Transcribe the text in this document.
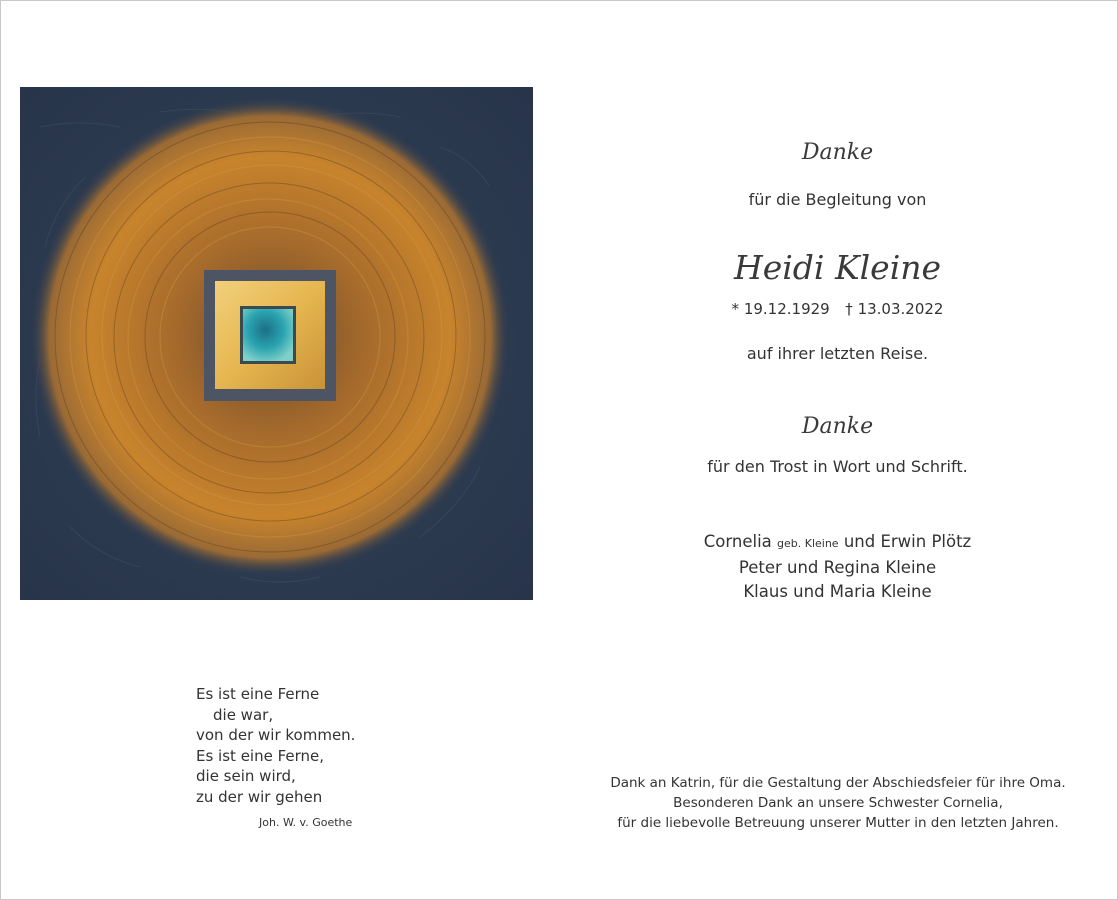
Danke
für die Begleitung von
Heidi Kleine
* 19.12.1929 † 13.03.2022
auf ihrer letzten Reise.
Danke
für den Trost in Wort und Schrift.
Cornelia geb. Kleine und Erwin Plötz
Peter und Regina Kleine
Klaus und Maria Kleine
Es ist eine Ferne
die war,
von der wir kommen.
Es ist eine Ferne,
die sein wird,
zu der wir gehen
Joh. W. v. Goethe
Dank an Katrin, für die Gestaltung der Abschiedsfeier für ihre Oma.
Besonderen Dank an unsere Schwester Cornelia,
für die liebevolle Betreuung unserer Mutter in den letzten Jahren.
